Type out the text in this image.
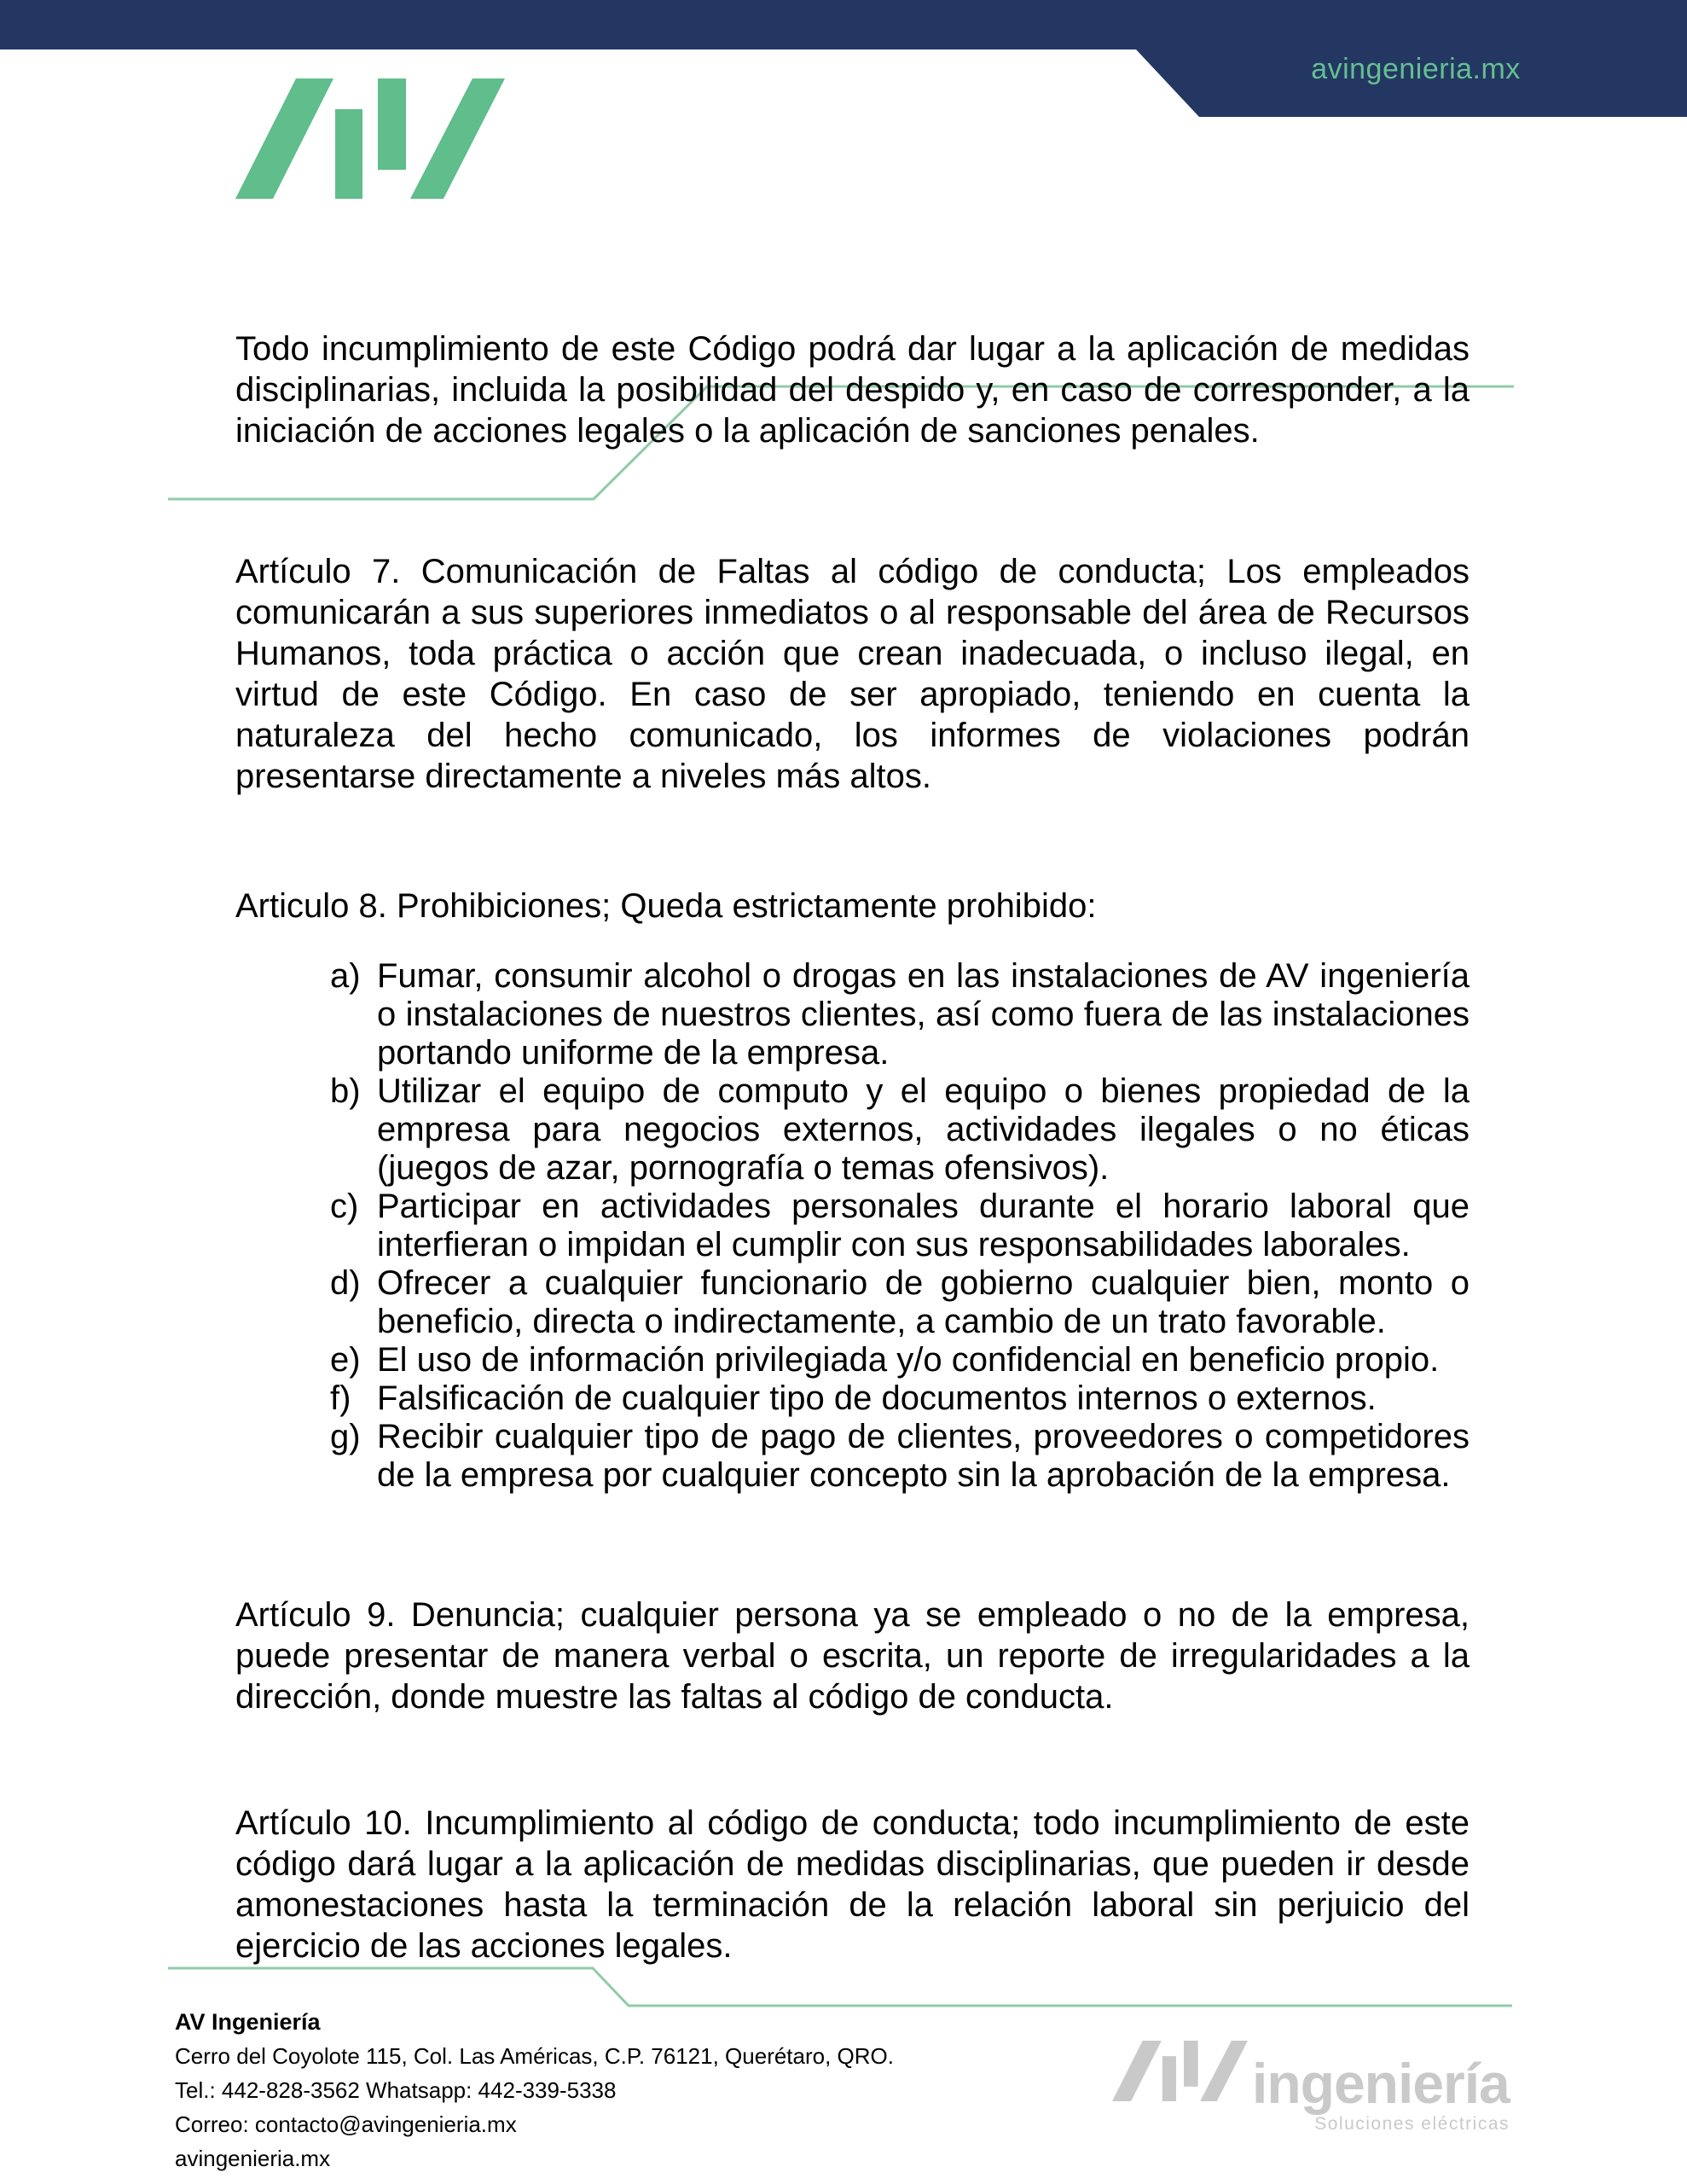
avingenieria.mx

Todo incumplimiento de este Código podrá dar lugar a la aplicación de medidas disciplinarias, incluida la posibilidad del despido y, en caso de corresponder, a la iniciación de acciones legales o la aplicación de sanciones penales.

Artículo 7. Comunicación de Faltas al código de conducta; Los empleados comunicarán a sus superiores inmediatos o al responsable del área de Recursos Humanos, toda práctica o acción que crean inadecuada, o incluso ilegal, en virtud de este Código. En caso de ser apropiado, teniendo en cuenta la naturaleza del hecho comunicado, los informes de violaciones podrán presentarse directamente a niveles más altos.

Articulo 8. Prohibiciones; Queda estrictamente prohibido:

a) Fumar, consumir alcohol o drogas en las instalaciones de AV ingeniería o instalaciones de nuestros clientes, así como fuera de las instalaciones portando uniforme de la empresa.
b) Utilizar el equipo de computo y el equipo o bienes propiedad de la empresa para negocios externos, actividades ilegales o no éticas (juegos de azar, pornografía o temas ofensivos).
c) Participar en actividades personales durante el horario laboral que interfieran o impidan el cumplir con sus responsabilidades laborales.
d) Ofrecer a cualquier funcionario de gobierno cualquier bien, monto o beneficio, directa o indirectamente, a cambio de un trato favorable.
e) El uso de información privilegiada y/o confidencial en beneficio propio.
f) Falsificación de cualquier tipo de documentos internos o externos.
g) Recibir cualquier tipo de pago de clientes, proveedores o competidores de la empresa por cualquier concepto sin la aprobación de la empresa.

Artículo 9. Denuncia; cualquier persona ya se empleado o no de la empresa, puede presentar de manera verbal o escrita, un reporte de irregularidades a la dirección, donde muestre las faltas al código de conducta.

Artículo 10. Incumplimiento al código de conducta; todo incumplimiento de este código dará lugar a la aplicación de medidas disciplinarias, que pueden ir desde amonestaciones hasta la terminación de la relación laboral sin perjuicio del ejercicio de las acciones legales.

AV Ingeniería
Cerro del Coyolote 115, Col. Las Américas, C.P. 76121, Querétaro, QRO.
Tel.: 442-828-3562 Whatsapp: 442-339-5338
Correo: contacto@avingenieria.mx
avingenieria.mx
ingeniería
Soluciones eléctricas
